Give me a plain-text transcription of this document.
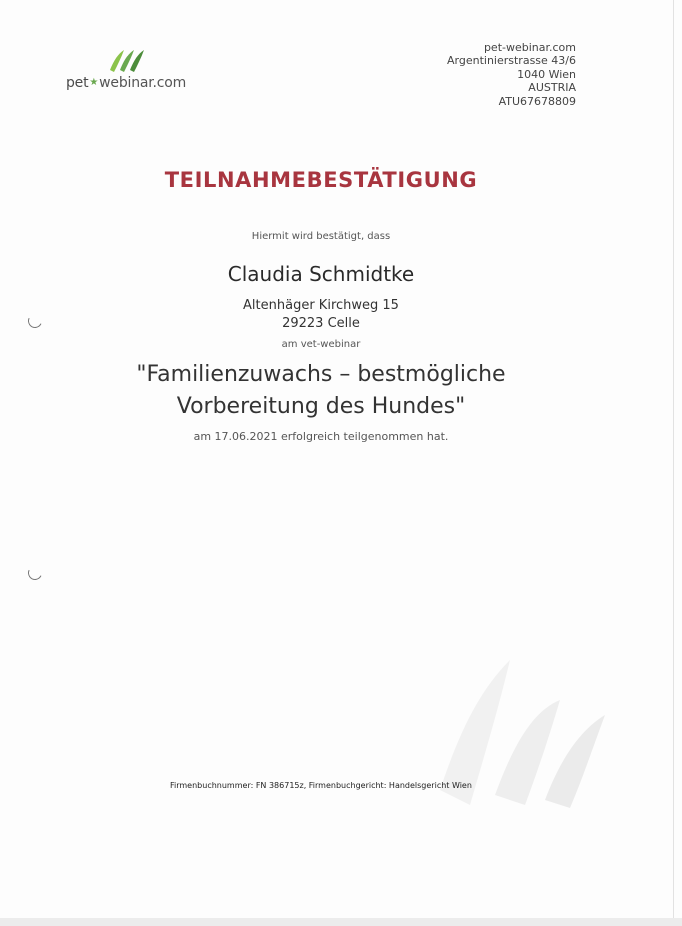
pet★webinar.com
pet-webinar.com
Argentinierstrasse 43/6
1040 Wien
AUSTRIA
ATU67678809
TEILNAHMEBESTÄTIGUNG
Hiermit wird bestätigt, dass
Claudia Schmidtke
Altenhäger Kirchweg 15
29223 Celle
am vet-webinar
"Familienzuwachs – bestmögliche
Vorbereitung des Hundes"
am 17.06.2021 erfolgreich teilgenommen hat.
Firmenbuchnummer: FN 386715z, Firmenbuchgericht: Handelsgericht Wien
